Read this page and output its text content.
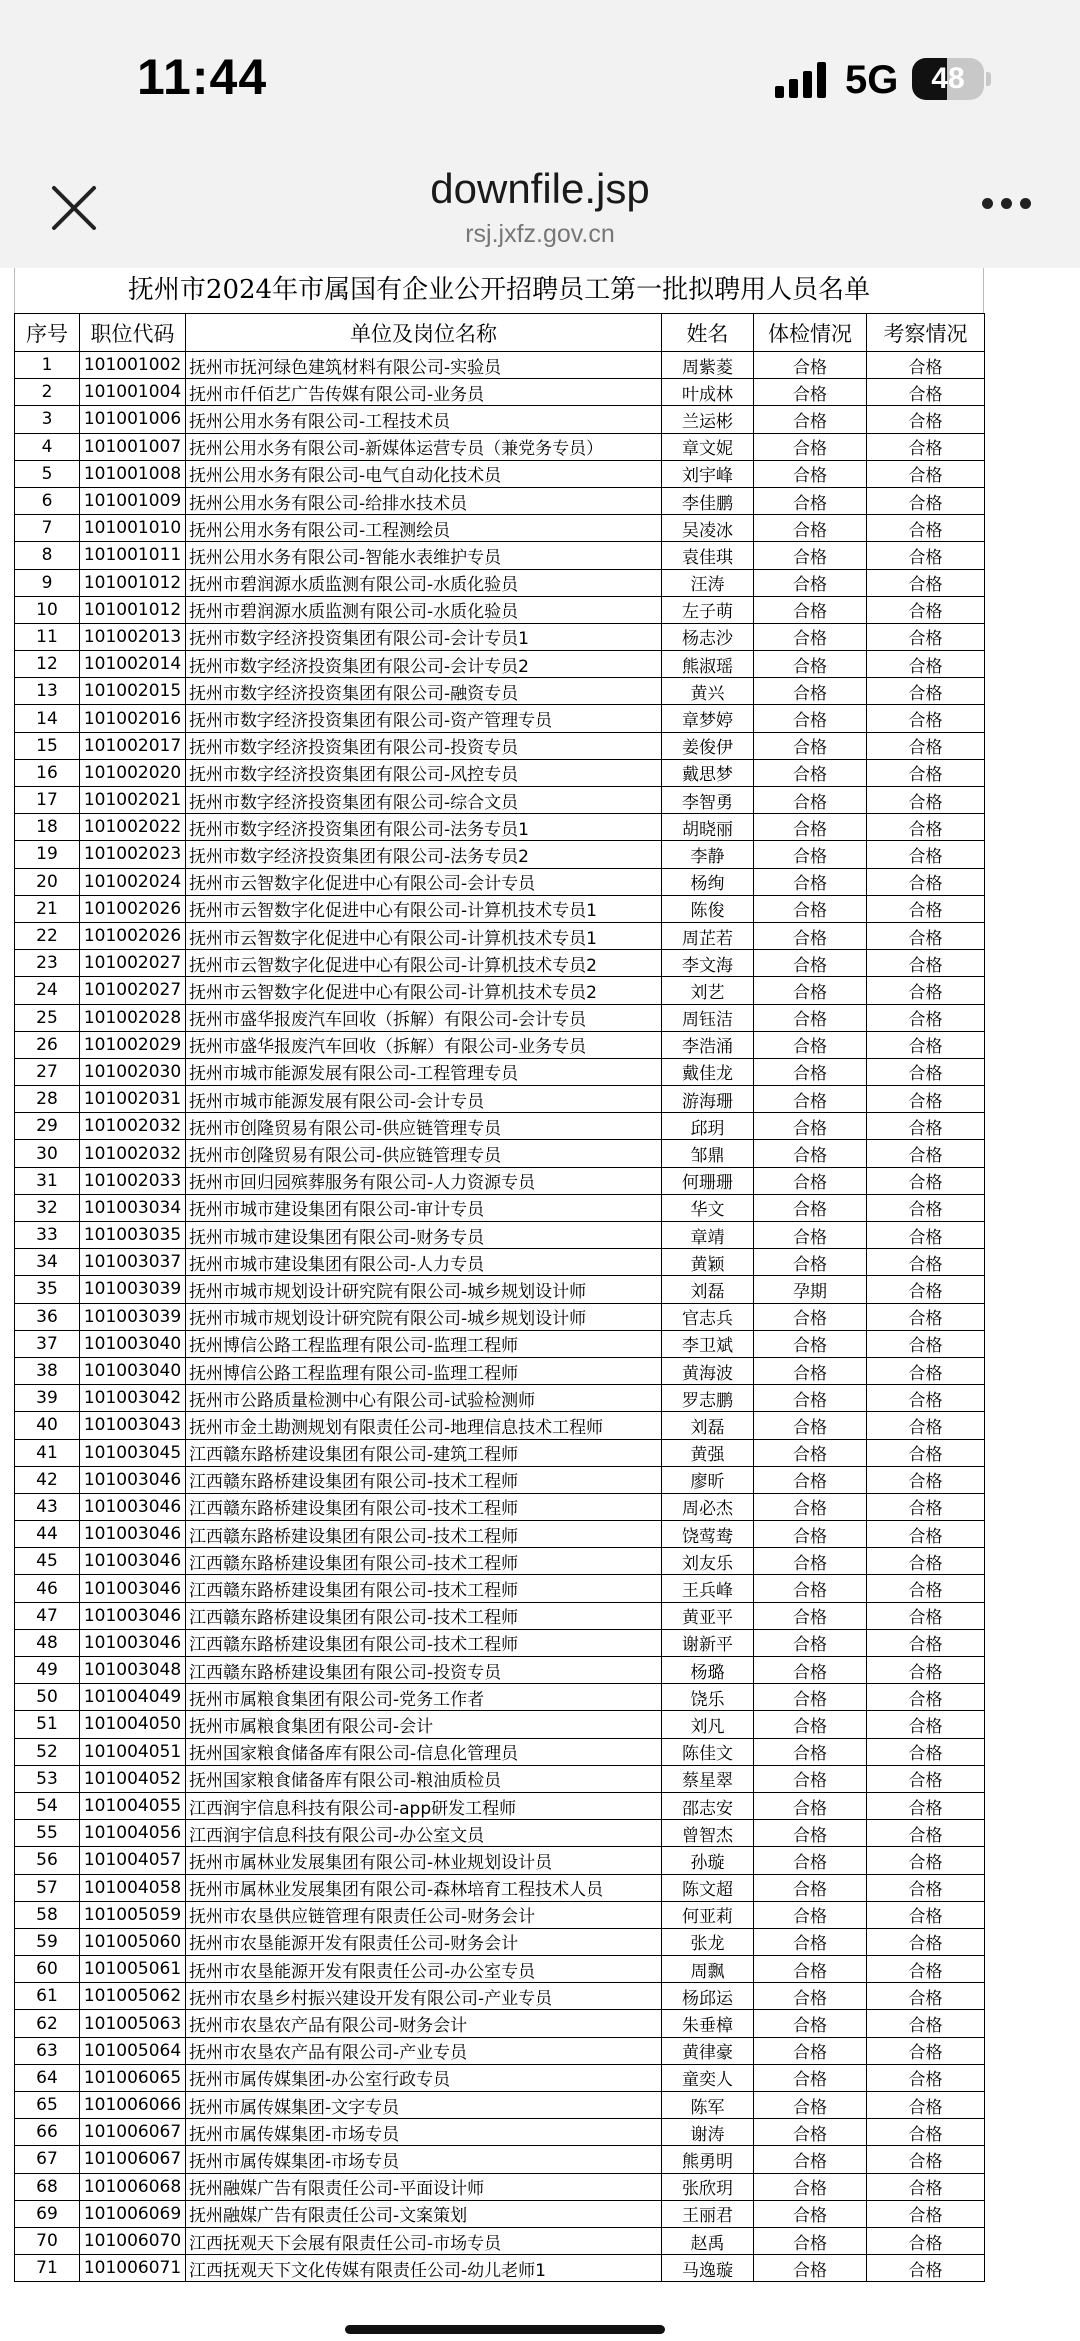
11:44	5G	48
downfile.jsp
rsj.jxfz.gov.cn
抚州市2024年市属国有企业公开招聘员工第一批拟聘用人员名单
序号	职位代码	单位及岗位名称	姓名	体检情况	考察情况
1	101001002	抚州市抚河绿色建筑材料有限公司-实验员	周紫菱	合格	合格
2	101001004	抚州市仟佰艺广告传媒有限公司-业务员	叶成林	合格	合格
3	101001006	抚州公用水务有限公司-工程技术员	兰运彬	合格	合格
4	101001007	抚州公用水务有限公司-新媒体运营专员（兼党务专员）	章文妮	合格	合格
5	101001008	抚州公用水务有限公司-电气自动化技术员	刘宇峰	合格	合格
6	101001009	抚州公用水务有限公司-给排水技术员	李佳鹏	合格	合格
7	101001010	抚州公用水务有限公司-工程测绘员	吴凌冰	合格	合格
8	101001011	抚州公用水务有限公司-智能水表维护专员	袁佳琪	合格	合格
9	101001012	抚州市碧润源水质监测有限公司-水质化验员	汪涛	合格	合格
10	101001012	抚州市碧润源水质监测有限公司-水质化验员	左子萌	合格	合格
11	101002013	抚州市数字经济投资集团有限公司-会计专员1	杨志沙	合格	合格
12	101002014	抚州市数字经济投资集团有限公司-会计专员2	熊淑瑶	合格	合格
13	101002015	抚州市数字经济投资集团有限公司-融资专员	黄兴	合格	合格
14	101002016	抚州市数字经济投资集团有限公司-资产管理专员	章梦婷	合格	合格
15	101002017	抚州市数字经济投资集团有限公司-投资专员	姜俊伊	合格	合格
16	101002020	抚州市数字经济投资集团有限公司-风控专员	戴思梦	合格	合格
17	101002021	抚州市数字经济投资集团有限公司-综合文员	李智勇	合格	合格
18	101002022	抚州市数字经济投资集团有限公司-法务专员1	胡晓丽	合格	合格
19	101002023	抚州市数字经济投资集团有限公司-法务专员2	李静	合格	合格
20	101002024	抚州市云智数字化促进中心有限公司-会计专员	杨绚	合格	合格
21	101002026	抚州市云智数字化促进中心有限公司-计算机技术专员1	陈俊	合格	合格
22	101002026	抚州市云智数字化促进中心有限公司-计算机技术专员1	周芷若	合格	合格
23	101002027	抚州市云智数字化促进中心有限公司-计算机技术专员2	李文海	合格	合格
24	101002027	抚州市云智数字化促进中心有限公司-计算机技术专员2	刘艺	合格	合格
25	101002028	抚州市盛华报废汽车回收（拆解）有限公司-会计专员	周钰洁	合格	合格
26	101002029	抚州市盛华报废汽车回收（拆解）有限公司-业务专员	李浩涌	合格	合格
27	101002030	抚州市城市能源发展有限公司-工程管理专员	戴佳龙	合格	合格
28	101002031	抚州市城市能源发展有限公司-会计专员	游海珊	合格	合格
29	101002032	抚州市创隆贸易有限公司-供应链管理专员	邱玥	合格	合格
30	101002032	抚州市创隆贸易有限公司-供应链管理专员	邹鼎	合格	合格
31	101002033	抚州市回归园殡葬服务有限公司-人力资源专员	何珊珊	合格	合格
32	101003034	抚州市城市建设集团有限公司-审计专员	华文	合格	合格
33	101003035	抚州市城市建设集团有限公司-财务专员	章靖	合格	合格
34	101003037	抚州市城市建设集团有限公司-人力专员	黄颖	合格	合格
35	101003039	抚州市城市规划设计研究院有限公司-城乡规划设计师	刘磊	孕期	合格
36	101003039	抚州市城市规划设计研究院有限公司-城乡规划设计师	官志兵	合格	合格
37	101003040	抚州博信公路工程监理有限公司-监理工程师	李卫斌	合格	合格
38	101003040	抚州博信公路工程监理有限公司-监理工程师	黄海波	合格	合格
39	101003042	抚州市公路质量检测中心有限公司-试验检测师	罗志鹏	合格	合格
40	101003043	抚州市金土勘测规划有限责任公司-地理信息技术工程师	刘磊	合格	合格
41	101003045	江西赣东路桥建设集团有限公司-建筑工程师	黄强	合格	合格
42	101003046	江西赣东路桥建设集团有限公司-技术工程师	廖昕	合格	合格
43	101003046	江西赣东路桥建设集团有限公司-技术工程师	周必杰	合格	合格
44	101003046	江西赣东路桥建设集团有限公司-技术工程师	饶莺鸯	合格	合格
45	101003046	江西赣东路桥建设集团有限公司-技术工程师	刘友乐	合格	合格
46	101003046	江西赣东路桥建设集团有限公司-技术工程师	王兵峰	合格	合格
47	101003046	江西赣东路桥建设集团有限公司-技术工程师	黄亚平	合格	合格
48	101003046	江西赣东路桥建设集团有限公司-技术工程师	谢新平	合格	合格
49	101003048	江西赣东路桥建设集团有限公司-投资专员	杨璐	合格	合格
50	101004049	抚州市属粮食集团有限公司-党务工作者	饶乐	合格	合格
51	101004050	抚州市属粮食集团有限公司-会计	刘凡	合格	合格
52	101004051	抚州国家粮食储备库有限公司-信息化管理员	陈佳文	合格	合格
53	101004052	抚州国家粮食储备库有限公司-粮油质检员	蔡星翠	合格	合格
54	101004055	江西润宇信息科技有限公司-app研发工程师	邵志安	合格	合格
55	101004056	江西润宇信息科技有限公司-办公室文员	曾智杰	合格	合格
56	101004057	抚州市属林业发展集团有限公司-林业规划设计员	孙璇	合格	合格
57	101004058	抚州市属林业发展集团有限公司-森林培育工程技术人员	陈文超	合格	合格
58	101005059	抚州市农垦供应链管理有限责任公司-财务会计	何亚莉	合格	合格
59	101005060	抚州市农垦能源开发有限责任公司-财务会计	张龙	合格	合格
60	101005061	抚州市农垦能源开发有限责任公司-办公室专员	周飘	合格	合格
61	101005062	抚州市农垦乡村振兴建设开发有限公司-产业专员	杨邱运	合格	合格
62	101005063	抚州市农垦农产品有限公司-财务会计	朱垂樟	合格	合格
63	101005064	抚州市农垦农产品有限公司-产业专员	黄律豪	合格	合格
64	101006065	抚州市属传媒集团-办公室行政专员	童奕人	合格	合格
65	101006066	抚州市属传媒集团-文字专员	陈军	合格	合格
66	101006067	抚州市属传媒集团-市场专员	谢涛	合格	合格
67	101006067	抚州市属传媒集团-市场专员	熊勇明	合格	合格
68	101006068	抚州融媒广告有限责任公司-平面设计师	张欣玥	合格	合格
69	101006069	抚州融媒广告有限责任公司-文案策划	王丽君	合格	合格
70	101006070	江西抚观天下会展有限责任公司-市场专员	赵禹	合格	合格
71	101006071	江西抚观天下文化传媒有限责任公司-幼儿老师1	马逸璇	合格	合格
